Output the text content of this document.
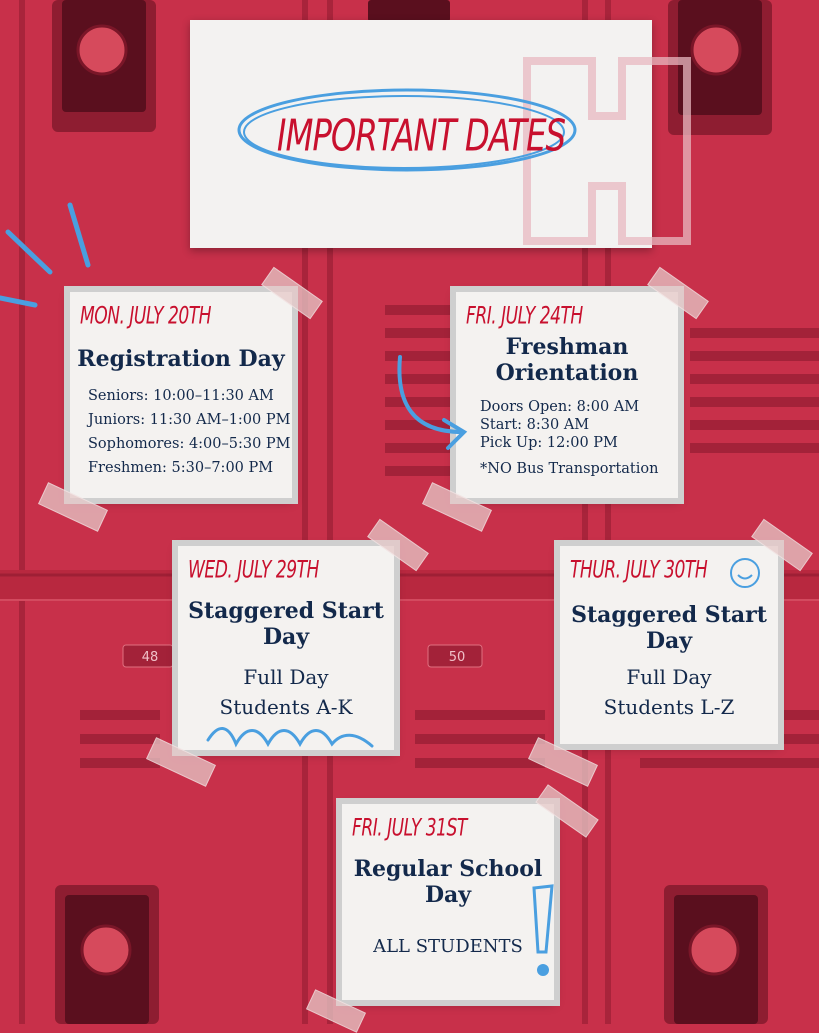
48	50
IMPORTANT DATES
MON. JULY 20TH
Registration Day
Seniors: 10:00–11:30 AM
Juniors: 11:30 AM–1:00 PM
Sophomores: 4:00–5:30 PM
Freshmen: 5:30–7:00 PM
FRI. JULY 24TH
Freshman
Orientation
Doors Open: 8:00 AM
Start: 8:30 AM
Pick Up: 12:00 PM
*NO Bus Transportation
WED. JULY 29TH
Staggered Start
Day
Full Day
Students A-K
THUR. JULY 30TH
Staggered Start
Day
Full Day
Students L-Z
FRI. JULY 31ST
Regular School
Day
ALL STUDENTS
